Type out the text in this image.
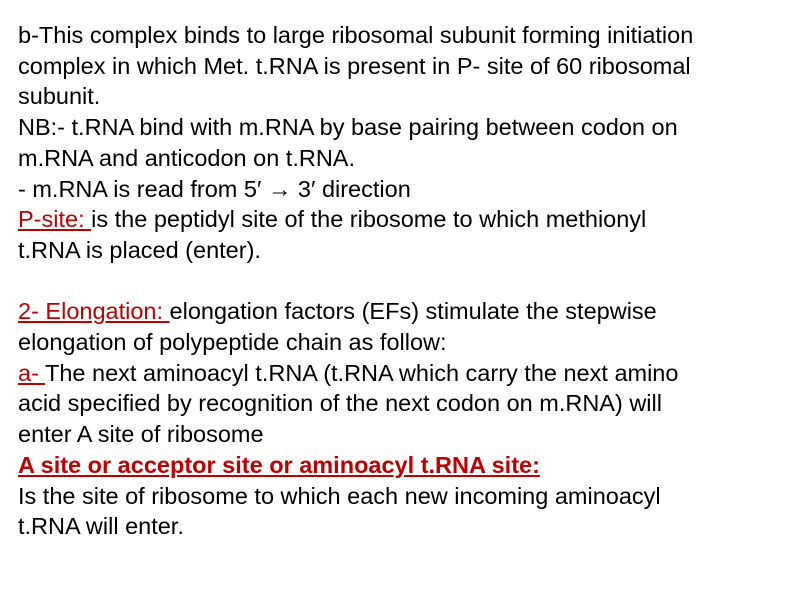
b-This complex binds to large ribosomal subunit forming initiation
complex in which Met. t.RNA is present in P- site of 60 ribosomal
subunit.
NB:- t.RNA bind with m.RNA by base pairing between codon on
m.RNA and anticodon on t.RNA.
- m.RNA is read from 5′ → 3′ direction
P-site: is the peptidyl site of the ribosome to which methionyl
t.RNA is placed (enter).
2- Elongation: elongation factors (EFs) stimulate the stepwise
elongation of polypeptide chain as follow:
a- The next aminoacyl t.RNA (t.RNA which carry the next amino
acid specified by recognition of the next codon on m.RNA) will
enter A site of ribosome
A site or acceptor site or aminoacyl t.RNA site:
Is the site of ribosome to which each new incoming aminoacyl
t.RNA will enter.
